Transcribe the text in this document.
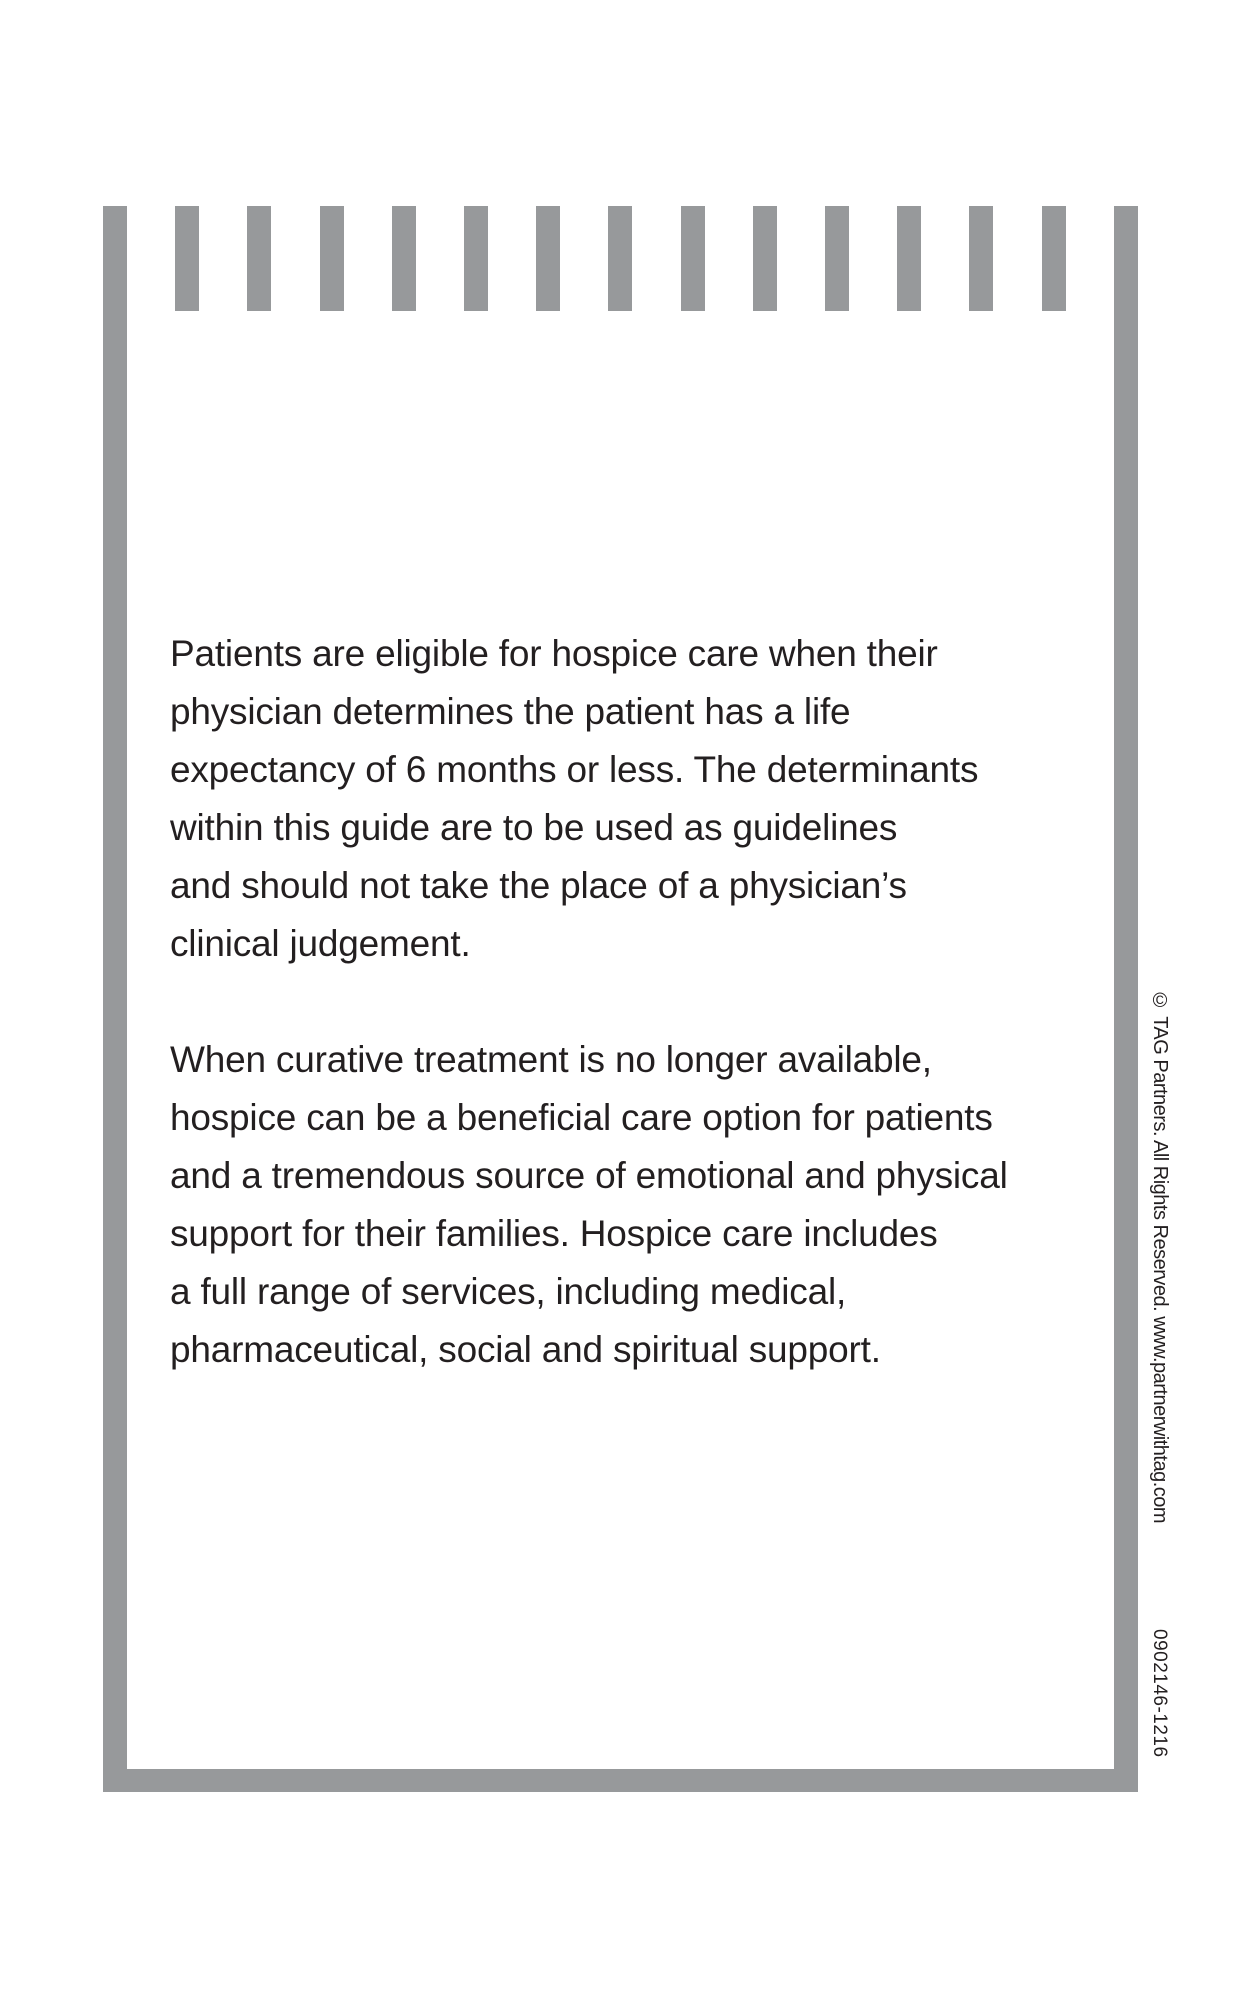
Patients are eligible for hospice care when their
physician determines the patient has a life
expectancy of 6 months or less. The determinants
within this guide are to be used as guidelines
and should not take the place of a physician’s
clinical judgement.
When curative treatment is no longer available,
hospice can be a beneficial care option for patients
and a tremendous source of emotional and physical
support for their families. Hospice care includes
a full range of services, including medical,
pharmaceutical, social and spiritual support.	© TAG Partners. All Rights Reserved. www.partnerwithtag.com
0902146-1216
